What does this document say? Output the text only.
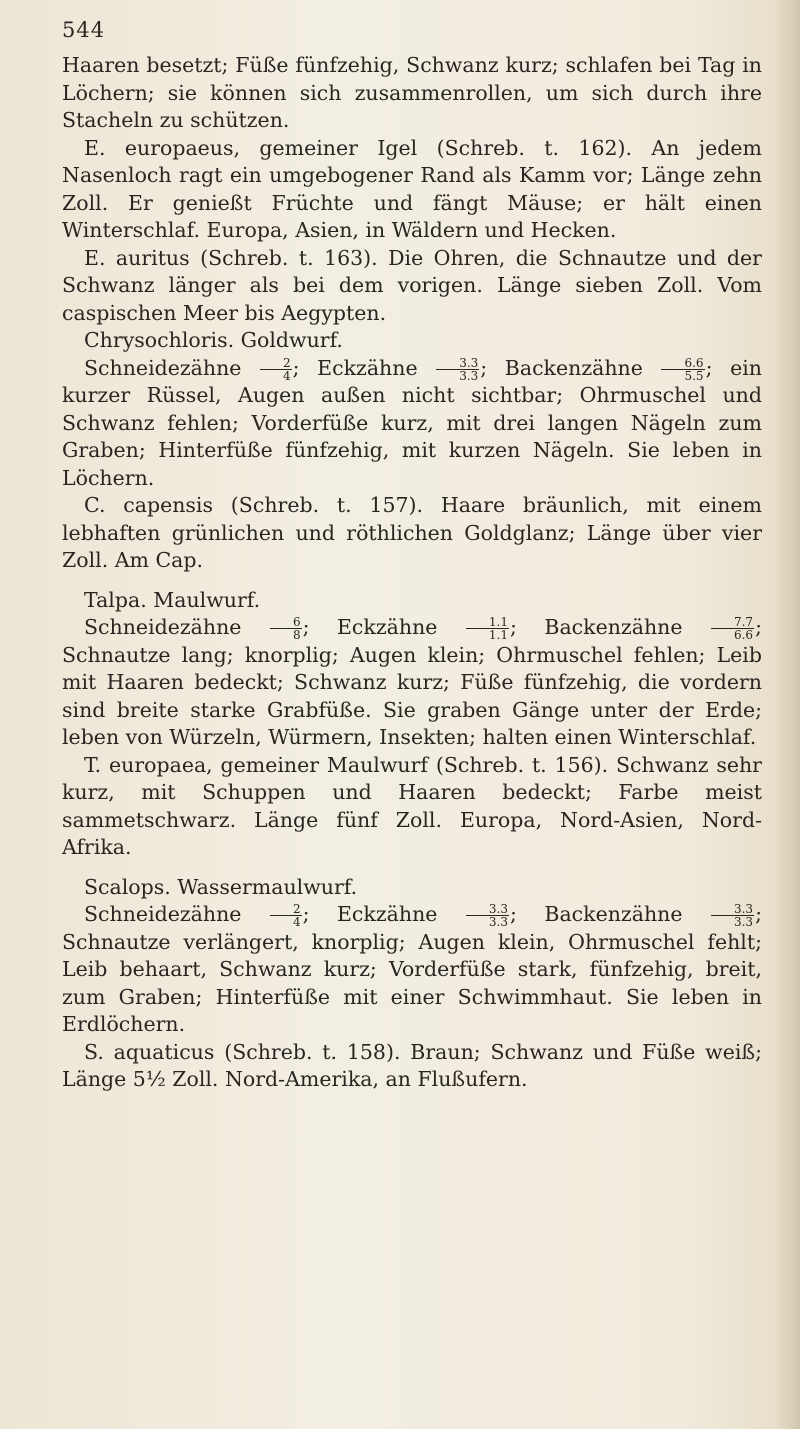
544

Haaren besetzt; Füße fünfzehig, Schwanz kurz; schlafen bei Tag in Löchern; sie können sich zusammenrollen, um sich durch ihre Stacheln zu schützen.

E. europaeus, gemeiner Igel (Schreb. t. 162). An jedem Nasenloch ragt ein umgebogener Rand als Kamm vor; Länge zehn Zoll. Er genießt Früchte und fängt Mäuse; er hält einen Winterschlaf. Europa, Asien, in Wäldern und Hecken.

E. auritus (Schreb. t. 163). Die Ohren, die Schnautze und der Schwanz länger als bei dem vorigen. Länge sieben Zoll. Vom caspischen Meer bis Aegypten.

Chrysochloris. Goldwurf.

Schneidezähne $\frac{2}{4}$ ; Eckzähne $\frac{3.3}{3.3}$ ; Backenzähne $\frac{6.6}{5.5}$ ; ein kurzer Rüssel, Augen außen nicht sichtbar; Ohrmuschel und Schwanz fehlen; Vorderfüße kurz, mit drei langen Nägeln zum Graben; Hinterfüße fünfzehig, mit kurzen Nägeln. Sie leben in Löchern.

C. capensis (Schreb. t. 157). Haare bräunlich, mit einem lebhaften grünlichen und röthlichen Goldglanz; Länge über vier Zoll. Am Cap.

Talpa. Maulwurf.

Schneidezähne $\frac{6}{8}$ ; Eckzähne $\frac{1.1}{1.1}$ ; Backenzähne $\frac{7.7}{6.6}$ ; Schnautze lang; knorplig; Augen klein; Ohrmuschel fehlen; Leib mit Haaren bedeckt; Schwanz kurz; Füße fünfzehig, die vordern sind breite starke Grabfüße. Sie graben Gänge unter der Erde; leben von Würzeln, Würmern, Insekten; halten einen Winterschlaf.

T. europaea, gemeiner Maulwurf (Schreb. t. 156). Schwanz sehr kurz, mit Schuppen und Haaren bedeckt; Farbe meist sammetschwarz. Länge fünf Zoll. Europa, Nord-Asien, Nord-Afrika.

Scalops. Wassermaulwurf.

Schneidezähne $\frac{2}{4}$ ; Eckzähne $\frac{3.3}{3.3}$ ; Backenzähne $\frac{3.3}{3.3}$ ; Schnautze verlängert, knorplig; Augen klein, Ohrmuschel fehlt; Leib behaart, Schwanz kurz; Vorderfüße stark, fünfzehig, breit, zum Graben; Hinterfüße mit einer Schwimmhaut. Sie leben in Erdlöchern.

S. aquaticus (Schreb. t. 158). Braun; Schwanz und Füße weiß; Länge 5½ Zoll. Nord-Amerika, an Flußufern.
